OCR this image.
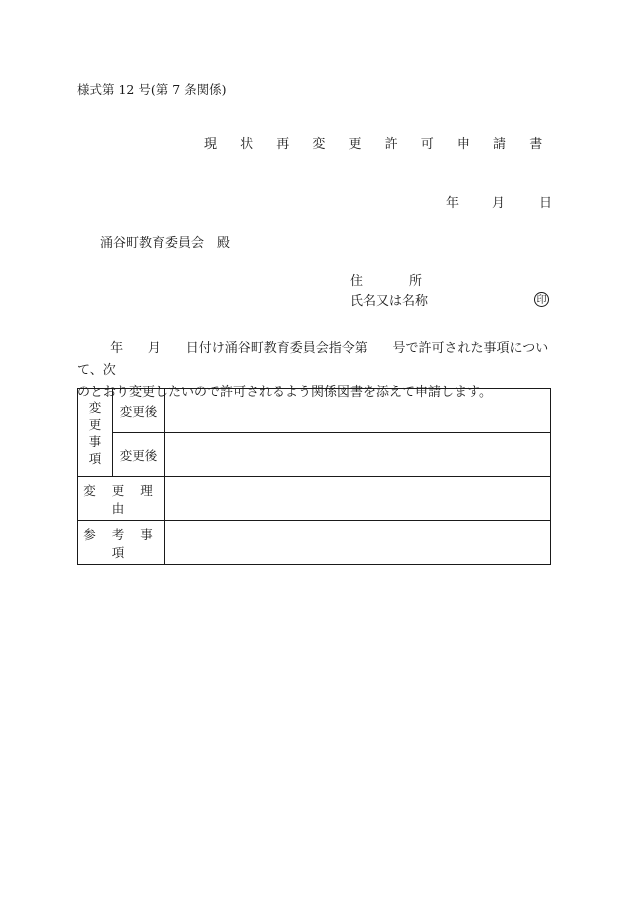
様式第 12 号(第 7 条関係)
現 状 再 変 更 許 可 申 請 書
年	月	日
涌谷町教育委員会　殿
住	所
氏名又は名称	印
年 月 日付け涌谷町教育委員会指令第 号で許可された事項について、次
のとおり変更したいので許可されるよう関係図書を添えて申請します。
変
更
事
項	変更後	
	変更後	
変 更 理 由		
参 考 事 項		
